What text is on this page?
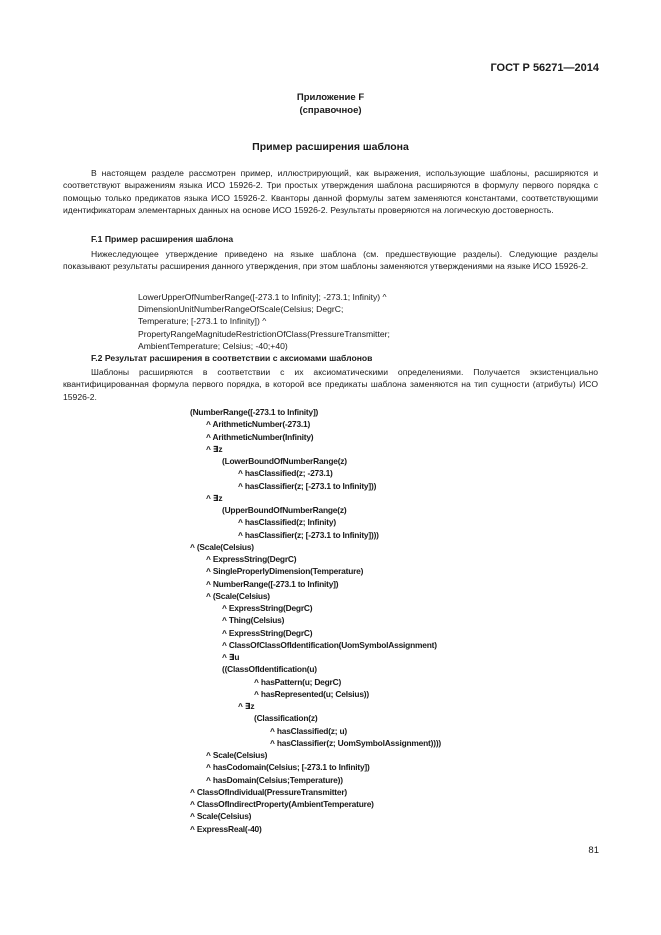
ГОСТ Р 56271—2014
Приложение F
(справочное)
Пример расширения шаблона
В настоящем разделе рассмотрен пример, иллюстрирующий, как выражения, использующие шаблоны, расширяются и соответствуют выражениям языка ИСО 15926-2. Три простых утверждения шаблона расширяются в формулу первого порядка с помощью только предикатов языка ИСО 15926-2. Кванторы данной формулы затем заменяются константами, соответствующими идентификаторам элементарных данных на основе ИСО 15926-2. Результаты проверяются на логическую достоверность.
F.1 Пример расширения шаблона
Нижеследующее утверждение приведено на языке шаблона (см. предшествующие разделы). Следующие разделы показывают результаты расширения данного утверждения, при этом шаблоны заменяются утверждениями на языке ИСО 15926-2.
LowerUpperOfNumberRange([-273.1 to Infinity]; -273.1; Infinity) ^
DimensionUnitNumberRangeOfScale(Celsius; DegrC;
Temperature; [-273.1 to Infinity]) ^
PropertyRangeMagnitudeRestrictionOfClass(PressureTransmitter;
AmbientTemperature; Celsius; -40;+40)
F.2 Результат расширения в соответствии с аксиомами шаблонов
Шаблоны расширяются в соответствии с их аксиоматическими определениями. Получается экзистенциально квантифицированная формула первого порядка, в которой все предикаты шаблона заменяются на тип сущности (атрибуты) ИСО 15926-2.
(NumberRange([-273.1 to Infinity])
^ ArithmeticNumber(-273.1)
^ ArithmeticNumber(Infinity)
^ ∃z
(LowerBoundOfNumberRange(z)
^ hasClassified(z; -273.1)
^ hasClassifier(z; [-273.1 to Infinity]))
^ ∃z
(UpperBoundOfNumberRange(z)
^ hasClassified(z; Infinity)
^ hasClassifier(z; [-273.1 to Infinity])))
^ (Scale(Celsius)
^ ExpressString(DegrC)
^ SingleProperlyDimension(Temperature)
^ NumberRange([-273.1 to Infinity])
^ (Scale(Celsius)
^ ExpressString(DegrC)
^ Thing(Celsius)
^ ExpressString(DegrC)
^ ClassOfClassOfIdentification(UomSymbolAssignment)
^ ∃u
((ClassOfIdentification(u)
^ hasPattern(u; DegrC)
^ hasRepresented(u; Celsius))
^ ∃z
(Classification(z)
^ hasClassified(z; u)
^ hasClassifier(z; UomSymbolAssignment))))
^ Scale(Celsius)
^ hasCodomain(Celsius; [-273.1 to Infinity])
^ hasDomain(Celsius;Temperature))
^ ClassOfIndividual(PressureTransmitter)
^ ClassOfIndirectProperty(AmbientTemperature)
^ Scale(Celsius)
^ ExpressReal(-40)
81
